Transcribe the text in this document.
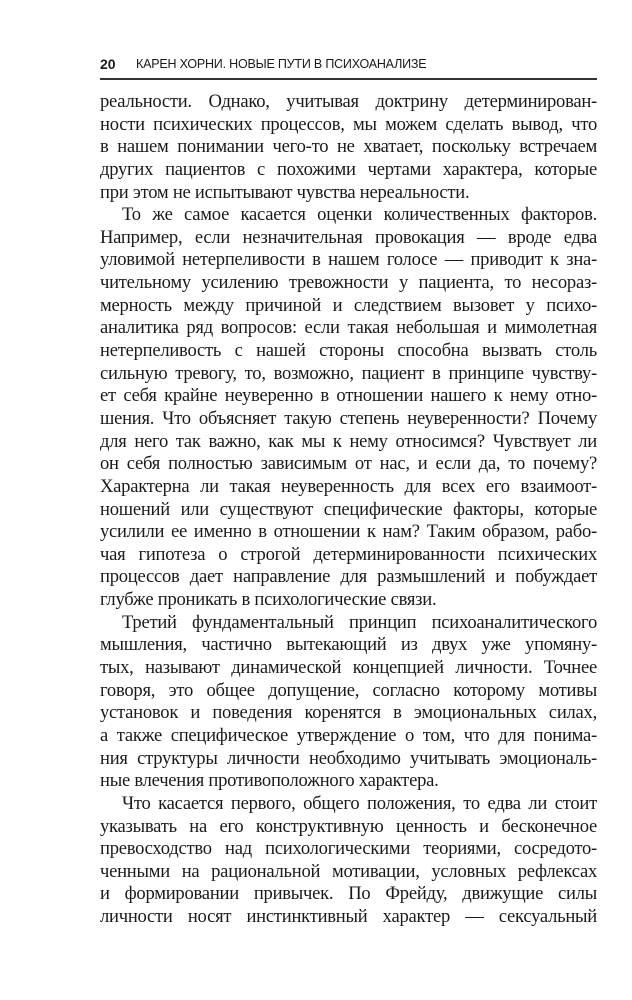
20 КАРЕН ХОРНИ. НОВЫЕ ПУТИ В ПСИХОАНАЛИЗЕ
реальности. Однако, учитывая доктрину детерминирован-
ности психических процессов, мы можем сделать вывод, что
в нашем понимании чего-то не хватает, поскольку встречаем
других пациентов с похожими чертами характера, которые
при этом не испытывают чувства нереальности.
То же самое касается оценки количественных факторов.
Например, если незначительная провокация — вроде едва
уловимой нетерпеливости в нашем голосе — приводит к зна-
чительному усилению тревожности у пациента, то несораз-
мерность между причиной и следствием вызовет у психо-
аналитика ряд вопросов: если такая небольшая и мимолетная
нетерпеливость с нашей стороны способна вызвать столь
сильную тревогу, то, возможно, пациент в принципе чувству-
ет себя крайне неуверенно в отношении нашего к нему отно-
шения. Что объясняет такую степень неуверенности? Почему
для него так важно, как мы к нему относимся? Чувствует ли
он себя полностью зависимым от нас, и если да, то почему?
Характерна ли такая неуверенность для всех его взаимоот-
ношений или существуют специфические факторы, которые
усилили ее именно в отношении к нам? Таким образом, рабо-
чая гипотеза о строгой детерминированности психических
процессов дает направление для размышлений и побуждает
глубже проникать в психологические связи.
Третий фундаментальный принцип психоаналитического
мышления, частично вытекающий из двух уже упомяну-
тых, называют динамической концепцией личности. Точнее
говоря, это общее допущение, согласно которому мотивы
установок и поведения коренятся в эмоциональных силах,
а также специфическое утверждение о том, что для понима-
ния структуры личности необходимо учитывать эмоциональ-
ные влечения противоположного характера.
Что касается первого, общего положения, то едва ли стоит
указывать на его конструктивную ценность и бесконечное
превосходство над психологическими теориями, сосредото-
ченными на рациональной мотивации, условных рефлексах
и формировании привычек. По Фрейду, движущие силы
личности носят инстинктивный характер — сексуальный
